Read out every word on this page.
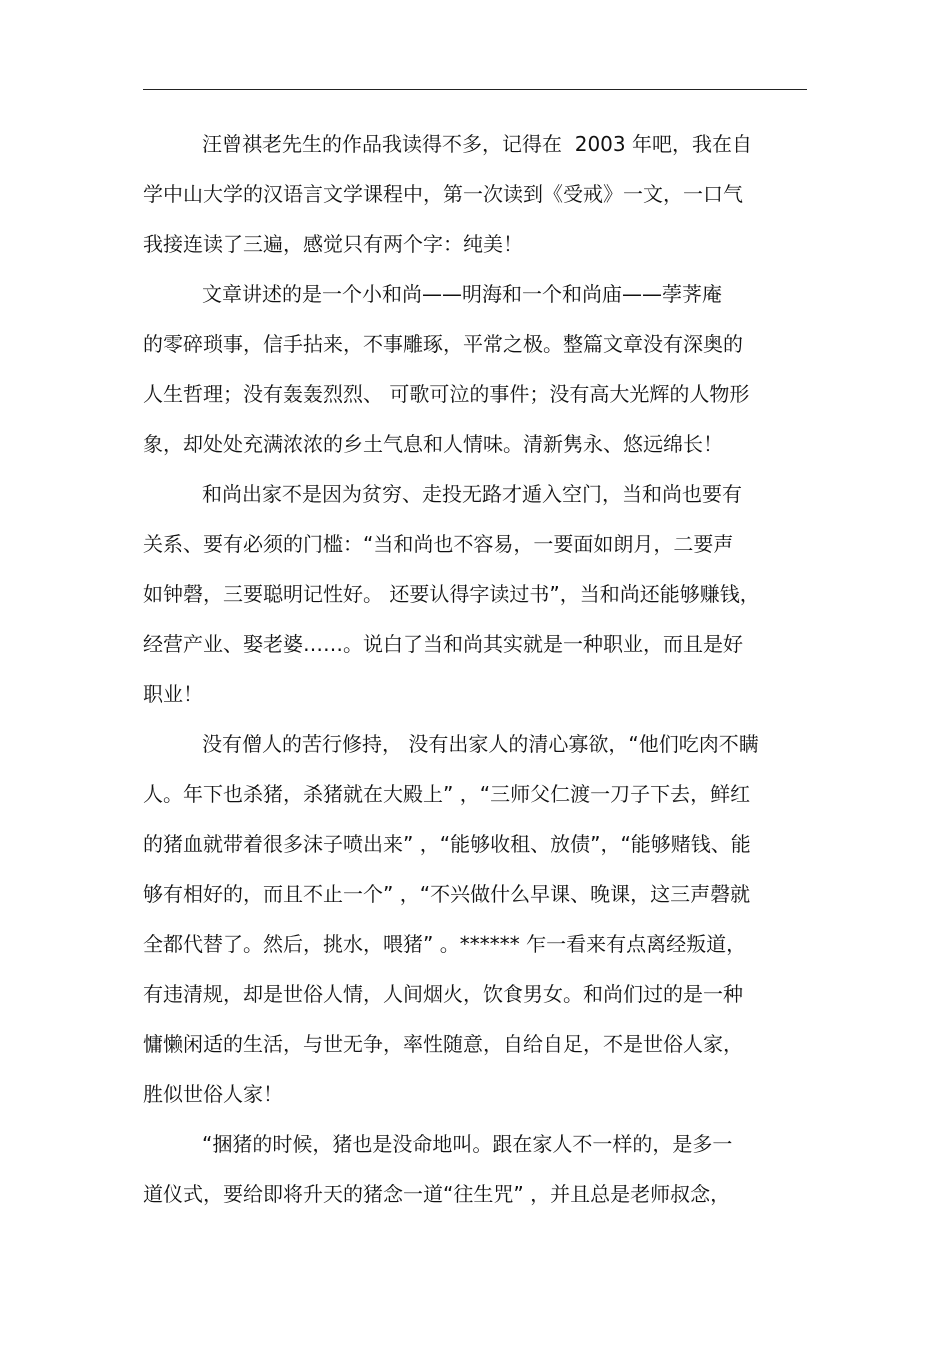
汪曾祺老先生的作品我读得不多，记得在  2003 年吧，我在自
学中山大学的汉语言文学课程中，第一次读到《受戒》一文，一口气
我接连读了三遍，感觉只有两个字：纯美！
文章讲述的是一个小和尚——明海和一个和尚庙——荸荠庵
的零碎琐事，信手拈来，不事雕琢，平常之极。整篇文章没有深奥的
人生哲理；没有轰轰烈烈、 可歌可泣的事件；没有高大光辉的人物形
象，却处处充满浓浓的乡土气息和人情味。清新隽永、悠远绵长！
和尚出家不是因为贫穷、走投无路才遁入空门，当和尚也要有
关系、要有必须的门槛：“当和尚也不容易，一要面如朗月，二要声
如钟磬，三要聪明记性好。 还要认得字读过书”，当和尚还能够赚钱，
经营产业、娶老婆……。说白了当和尚其实就是一种职业，而且是好
职业！
没有僧人的苦行修持， 没有出家人的清心寡欲，“他们吃肉不瞒
人。年下也杀猪，杀猪就在大殿上” ，“三师父仁渡一刀子下去，鲜红
的猪血就带着很多沫子喷出来” ，“能够收租、放债”，“能够赌钱、能
够有相好的，而且不止一个” ，“不兴做什么早课、晚课，这三声磬就
全都代替了。然后，挑水，喂猪” 。****** 乍一看来有点离经叛道，
有违清规，却是世俗人情，人间烟火，饮食男女。和尚们过的是一种
慵懒闲适的生活，与世无争，率性随意，自给自足，不是世俗人家，
胜似世俗人家！
“捆猪的时候，猪也是没命地叫。跟在家人不一样的，是多一
道仪式，要给即将升天的猪念一道“往生咒” ，并且总是老师叔念，
